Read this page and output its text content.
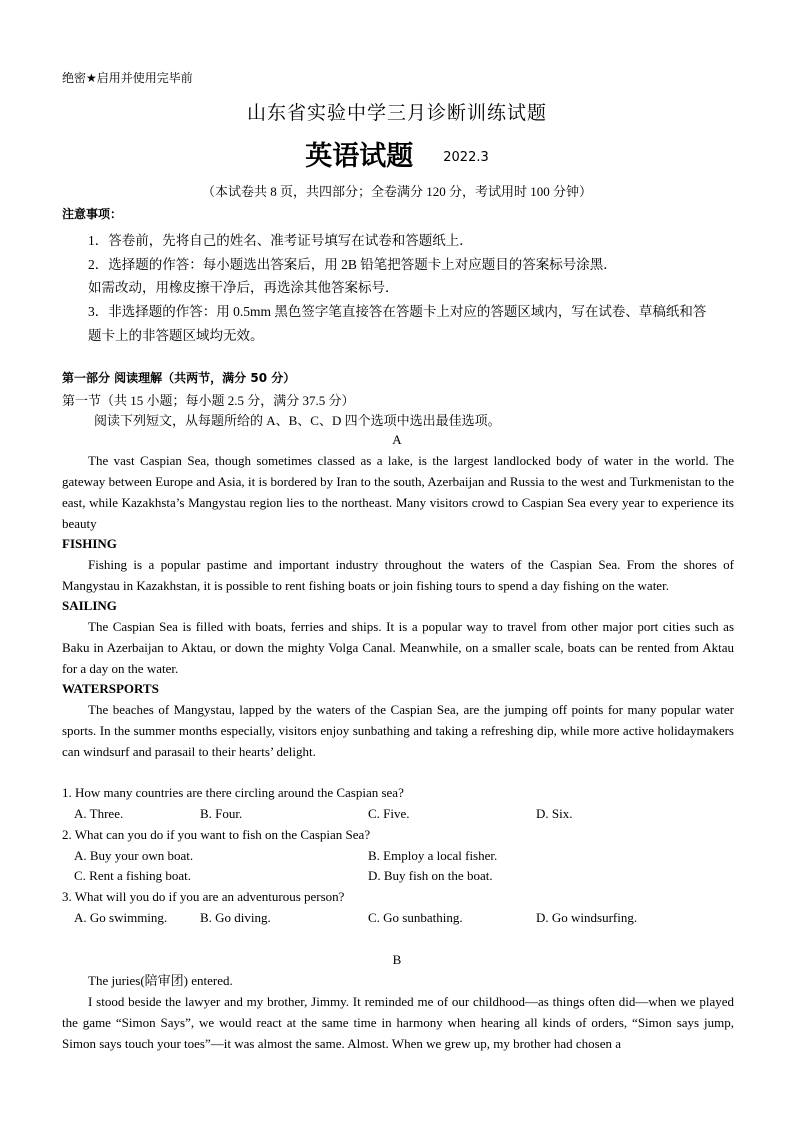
绝密★启用并使用完毕前
山东省实验中学三月诊断训练试题
英语试题 $^{2022.3}$
（本试卷共 8 页，共四部分；全卷满分 120 分，考试用时 100 分钟）
注意事项：
1．答卷前，先将自己的姓名、准考证号填写在试卷和答题纸上．
2．选择题的作答：每小题选出答案后，用 2B 铅笔把答题卡上对应题目的答案标号涂黑．
如需改动，用橡皮擦干净后，再选涂其他答案标号．
3．非选择题的作答：用 0.5mm 黑色签字笔直接答在答题卡上对应的答题区域内，写在试卷、草稿纸和答
题卡上的非答题区域均无效。
第一部分 阅读理解（共两节，满分 50 分）
第一节（共 15 小题；每小题 2.5 分，满分 37.5 分）
阅读下列短文，从每题所给的 A、B、C、D 四个选项中选出最佳选项。
A

The vast Caspian Sea, though sometimes classed as a lake, is the largest landlocked body of water in the world. The gateway between Europe and Asia, it is bordered by Iran to the south, Azerbaijan and Russia to the west and Turkmenistan to the east, while Kazakhsta’s Mangystau region lies to the northeast. Many visitors crowd to Caspian Sea every year to experience its beauty

FISHING

Fishing is a popular pastime and important industry throughout the waters of the Caspian Sea. From the shores of Mangystau in Kazakhstan, it is possible to rent fishing boats or join fishing tours to spend a day fishing on the water.

SAILING

The Caspian Sea is filled with boats, ferries and ships. It is a popular way to travel from other major port cities such as Baku in Azerbaijan to Aktau, or down the mighty Volga Canal. Meanwhile, on a smaller scale, boats can be rented from Aktau for a day on the water.

WATERSPORTS

The beaches of Mangystau, lapped by the waters of the Caspian Sea, are the jumping off points for many popular water sports. In the summer months especially, visitors enjoy sunbathing and taking a refreshing dip, while more active holidaymakers can windsurf and parasail to their hearts’ delight.

1. How many countries are there circling around the Caspian sea?
A. Three.	B. Four.	C. Five.	D. Six.
2. What can you do if you want to fish on the Caspian Sea?
A. Buy your own boat.	B. Employ a local fisher.
C. Rent a fishing boat.	D. Buy fish on the boat.
3. What will you do if you are an adventurous person?
A. Go swimming.	B. Go diving.	C. Go sunbathing.	D. Go windsurfing.
B

The juries(陪审团) entered.

I stood beside the lawyer and my brother, Jimmy. It reminded me of our childhood—as things often did—when we played the game “Simon Says”, we would react at the same time in harmony when hearing all kinds of orders, “Simon says jump, Simon says touch your toes”—it was almost the same. Almost. When we grew up, my brother had chosen a
